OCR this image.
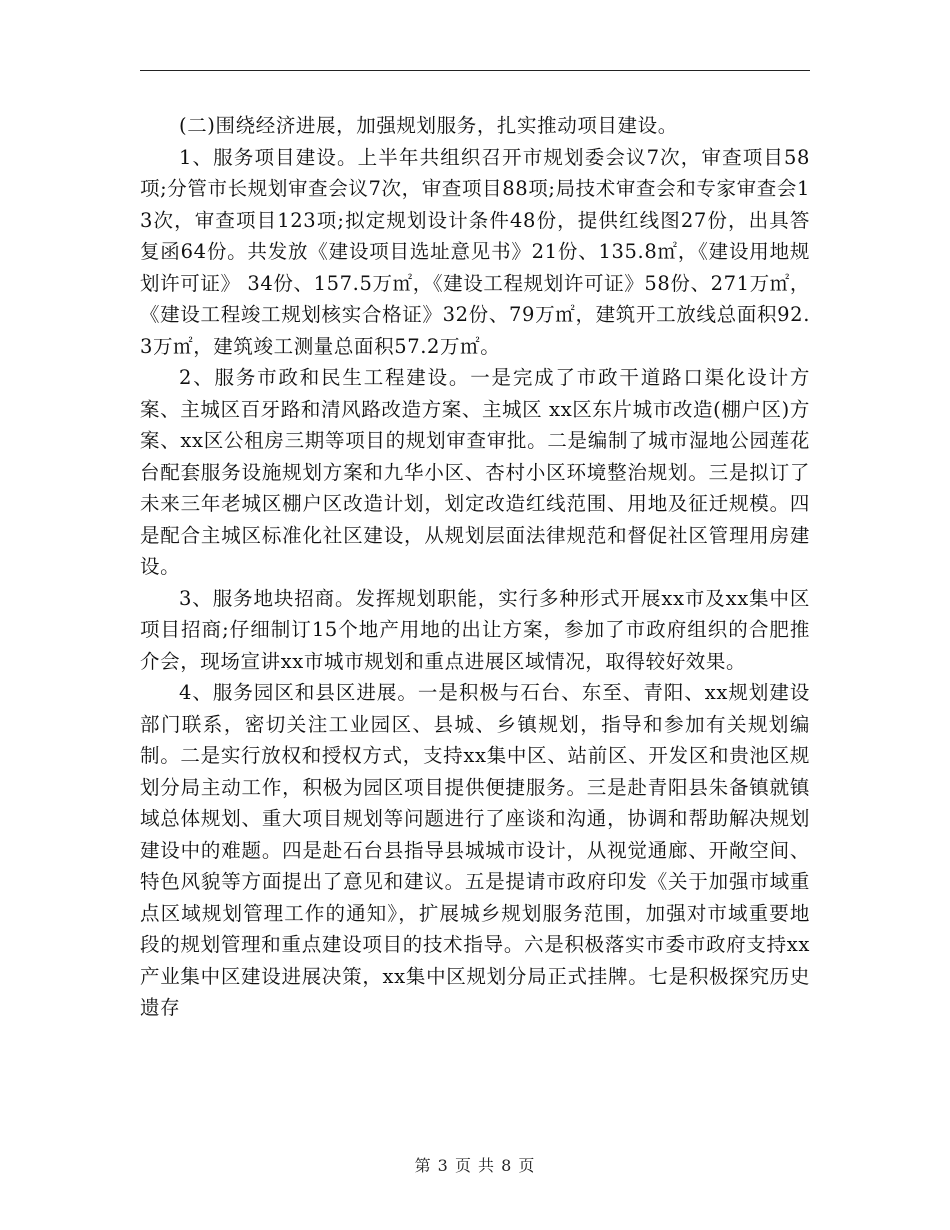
(二)围绕经济进展，加强规划服务，扎实推动项目建设。

1、服务项目建设。上半年共组织召开市规划委会议7次，审查项目58项;分管市长规划审查会议7次，审查项目88项;局技术审查会和专家审查会13次，审查项目123项;拟定规划设计条件48份，提供红线图27份，出具答复函64份。共发放《建设项目选址意见书》21份、135.8㎡，《建设用地规划许可证》 34份、157.5万㎡，《建设工程规划许可证》58份、271万㎡，《建设工程竣工规划核实合格证》32份、79万㎡，建筑开工放线总面积92.3万㎡，建筑竣工测量总面积57.2万㎡。

2、服务市政和民生工程建设。一是完成了市政干道路口渠化设计方案、主城区百牙路和清风路改造方案、主城区 xx区东片城市改造(棚户区)方案、xx区公租房三期等项目的规划审查审批。二是编制了城市湿地公园莲花台配套服务设施规划方案和九华小区、杏村小区环境整治规划。三是拟订了未来三年老城区棚户区改造计划，划定改造红线范围、用地及征迁规模。四是配合主城区标准化社区建设，从规划层面法律规范和督促社区管理用房建设。

3、服务地块招商。发挥规划职能，实行多种形式开展xx市及xx集中区项目招商;仔细制订15个地产用地的出让方案，参加了市政府组织的合肥推介会，现场宣讲xx市城市规划和重点进展区域情况，取得较好效果。

4、服务园区和县区进展。一是积极与石台、东至、青阳、xx规划建设部门联系，密切关注工业园区、县城、乡镇规划，指导和参加有关规划编制。二是实行放权和授权方式，支持xx集中区、站前区、开发区和贵池区规划分局主动工作，积极为园区项目提供便捷服务。三是赴青阳县朱备镇就镇域总体规划、重大项目规划等问题进行了座谈和沟通，协调和帮助解决规划建设中的难题。四是赴石台县指导县城城市设计，从视觉通廊、开敞空间、特色风貌等方面提出了意见和建议。五是提请市政府印发《关于加强市域重点区域规划管理工作的通知》，扩展城乡规划服务范围，加强对市域重要地段的规划管理和重点建设项目的技术指导。六是积极落实市委市政府支持xx产业集中区建设进展决策，xx集中区规划分局正式挂牌。七是积极探究历史遗存

第 3 页 共 8 页
